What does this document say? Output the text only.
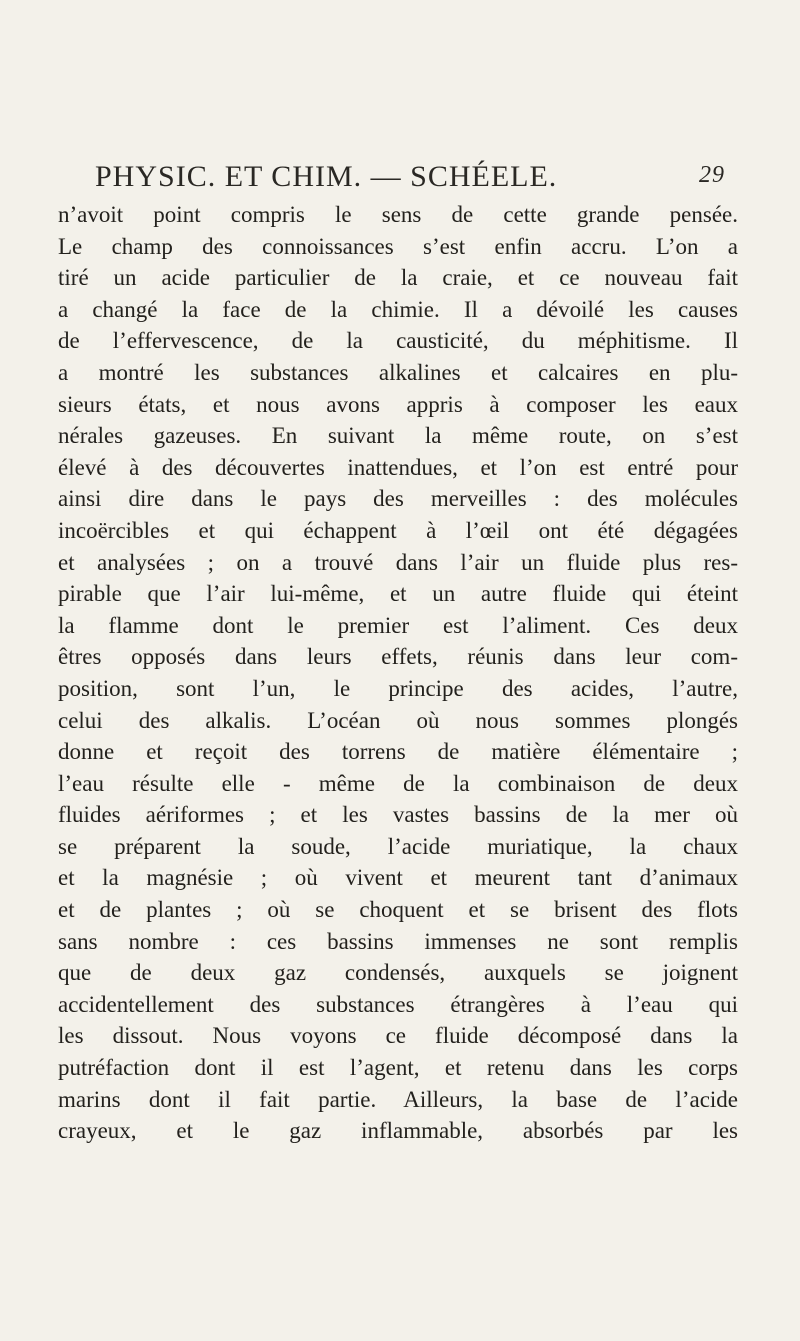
PHYSIC. ET CHIM. — SCHÉELE.	29
n’avoit point compris le sens de cette grande pensée.
Le champ des connoissances s’est enfin accru. L’on a
tiré un acide particulier de la craie, et ce nouveau fait
a changé la face de la chimie. Il a dévoilé les causes
de l’effervescence, de la causticité, du méphitisme. Il
a montré les substances alkalines et calcaires en plu-
sieurs états, et nous avons appris à composer les eaux
nérales gazeuses. En suivant la même route, on s’est
élevé à des découvertes inattendues, et l’on est entré pour
ainsi dire dans le pays des merveilles : des molécules
incoërcibles et qui échappent à l’œil ont été dégagées
et analysées ; on a trouvé dans l’air un fluide plus res-
pirable que l’air lui-même, et un autre fluide qui éteint
la flamme dont le premier est l’aliment. Ces deux
êtres opposés dans leurs effets, réunis dans leur com-
position, sont l’un, le principe des acides, l’autre,
celui des alkalis. L’océan où nous sommes plongés
donne et reçoit des torrens de matière élémentaire ;
l’eau résulte elle - même de la combinaison de deux
fluides aériformes ; et les vastes bassins de la mer où
se préparent la soude, l’acide muriatique, la chaux
et la magnésie ; où vivent et meurent tant d’animaux
et de plantes ; où se choquent et se brisent des flots
sans nombre : ces bassins immenses ne sont remplis
que de deux gaz condensés, auxquels se joignent
accidentellement des substances étrangères à l’eau qui
les dissout. Nous voyons ce fluide décomposé dans la
putréfaction dont il est l’agent, et retenu dans les corps
marins dont il fait partie. Ailleurs, la base de l’acide
crayeux, et le gaz inflammable, absorbés par les
